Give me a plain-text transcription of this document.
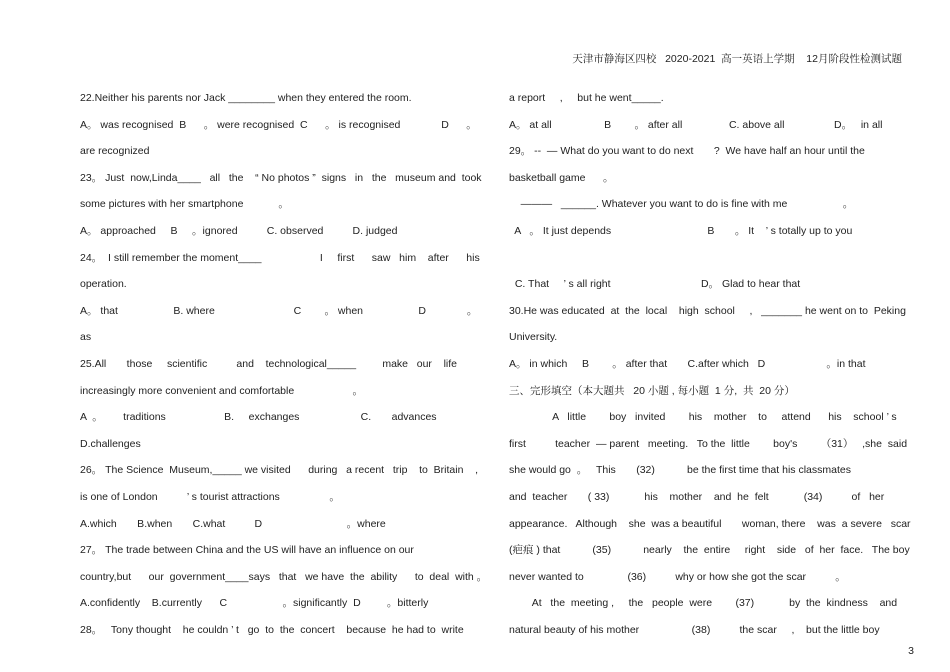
天津市静海区四校   2020-2021  高一英语上学期    12月阶段性检测试题
22.Neither his parents nor Jack ________ when they entered the room.
A。 was recognised  B      。 were recognised  C      。 is recognised              D      。
are recognized
23。 Just  now,Linda____   all   the    “ No photos ”  signs   in   the   museum and  took
some pictures with her smartphone            。
A。 approached     B     。ignored          C. observed          D. judged
24。  I still remember the moment____                    I     first      saw   him    after      his
operation.
A。 that                   B. where                           C        。 when                   D              。
as
25.All       those     scientific          and    technological_____         make   our    life
increasingly more convenient and comfortable                    。
A  。       traditions                    B.     exchanges                     C.       advances
D.challenges
26。 The Science  Museum,_____ we visited      during   a recent   trip    to  Britain    ,
is one of London          ’ s tourist attractions                 。
A.which       B.when       C.what          D                             。where
27。 The trade between China and the US will have an influence on our
country,but      our  government____says   that   we have  the  ability      to  deal  with 。
A.confidently    B.currently      C                   。significantly  D         。bitterly
28。   Tony thought    he couldn ’ t   go  to  the  concert    because  he had to  write
a report     ,     but he went_____.
A。 at all                  B        。 after all                C. above all                 D。   in all
29。 --  — What do you want to do next       ?  We have half an hour until the
basketball game      。
———   ______. Whatever you want to do is fine with me                   。
A   。 It just depends                                 B       。 It    ’ s totally up to you
C. That     ’ s all right                               D。 Glad to hear that
30.He was educated  at  the  local    high  school     ,   _______ he went on to  Peking
University.
A。 in which     B        。 after that       C.after which   D                     。in that
三、完形填空（本大题共   20 小题 , 每小题  1 分,  共  20 分）
A   little        boy   invited        his    mother    to     attend      his    school ’ s
first          teacher  — parent   meeting.   To the  little        boy's        （31）   ,she  said
she would go  。   This       (32)           be the first time that his classmates
and  teacher       ( 33)            his    mother    and  he  felt            (34)          of   her
appearance.   Although    she  was a beautiful       woman, there    was  a severe   scar
(疤痕 ) that           (35)           nearly    the  entire     right    side   of  her  face.   The boy
never wanted to               (36)          why or how she got the scar          。
At   the  meeting ,     the   people  were        (37)            by  the  kindness    and
natural beauty of his mother                  (38)          the scar     ,    but the little boy
3
